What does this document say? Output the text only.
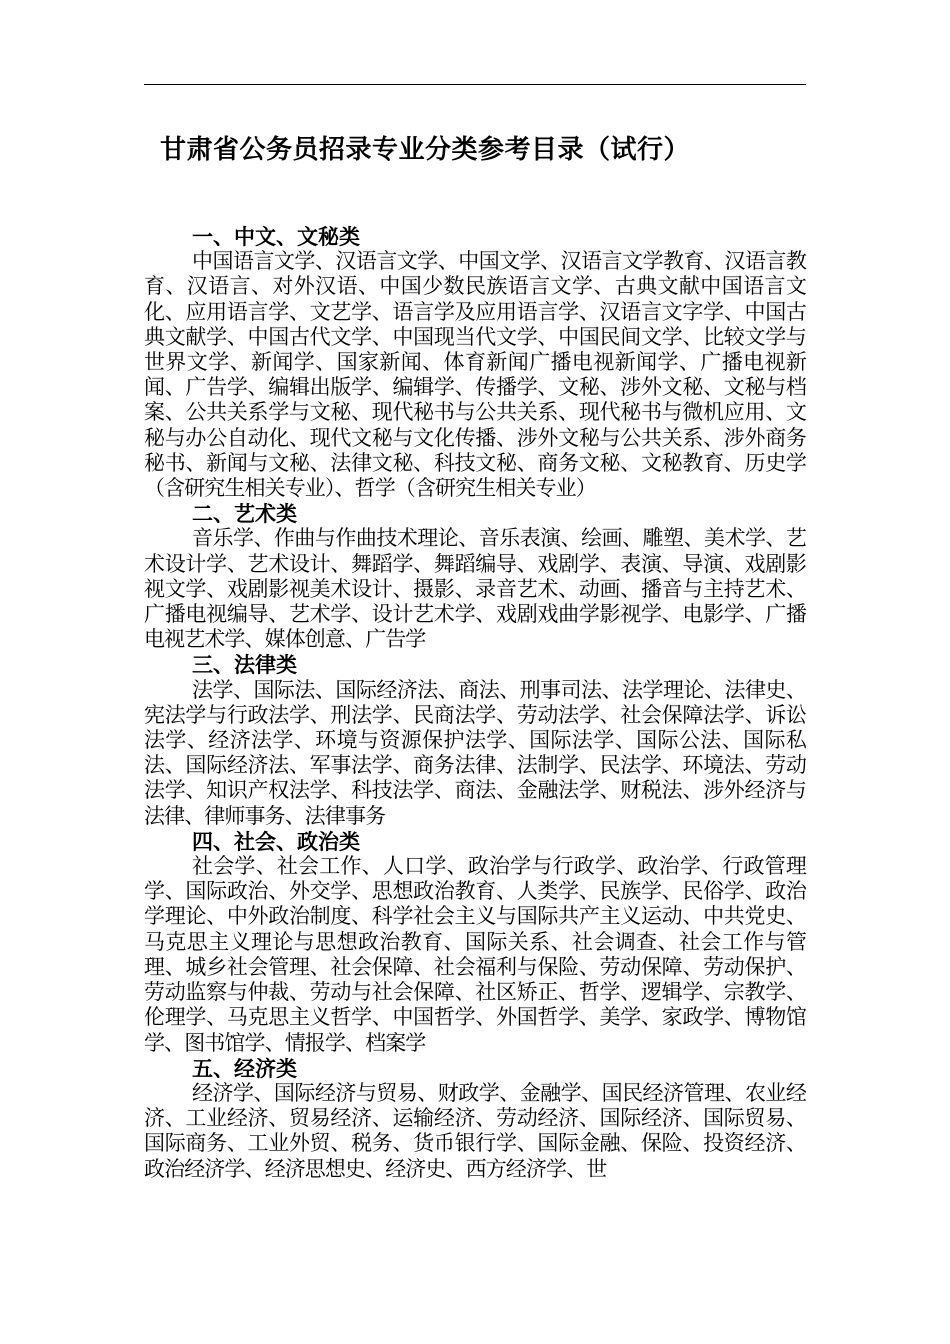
甘肃省公务员招录专业分类参考目录（试行）
一、中文、文秘类
中国语言文学、汉语言文学、中国文学、汉语言文学教育、汉语言教育、汉语言、对外汉语、中国少数民族语言文学、古典文献中国语言文化、应用语言学、文艺学、语言学及应用语言学、汉语言文字学、中国古典文献学、中国古代文学、中国现当代文学、中国民间文学、比较文学与世界文学、新闻学、国家新闻、体育新闻广播电视新闻学、广播电视新闻、广告学、编辑出版学、编辑学、传播学、文秘、涉外文秘、文秘与档案、公共关系学与文秘、现代秘书与公共关系、现代秘书与微机应用、文秘与办公自动化、现代文秘与文化传播、涉外文秘与公共关系、涉外商务秘书、新闻与文秘、法律文秘、科技文秘、商务文秘、文秘教育、历史学（含研究生相关专业）、哲学（含研究生相关专业）
二、艺术类
音乐学、作曲与作曲技术理论、音乐表演、绘画、雕塑、美术学、艺术设计学、艺术设计、舞蹈学、舞蹈编导、戏剧学、表演、导演、戏剧影视文学、戏剧影视美术设计、摄影、录音艺术、动画、播音与主持艺术、广播电视编导、艺术学、设计艺术学、戏剧戏曲学影视学、电影学、广播电视艺术学、媒体创意、广告学
三、法律类
法学、国际法、国际经济法、商法、刑事司法、法学理论、法律史、宪法学与行政法学、刑法学、民商法学、劳动法学、社会保障法学、诉讼法学、经济法学、环境与资源保护法学、国际法学、国际公法、国际私法、国际经济法、军事法学、商务法律、法制学、民法学、环境法、劳动法学、知识产权法学、科技法学、商法、金融法学、财税法、涉外经济与法律、律师事务、法律事务
四、社会、政治类
社会学、社会工作、人口学、政治学与行政学、政治学、行政管理学、国际政治、外交学、思想政治教育、人类学、民族学、民俗学、政治学理论、中外政治制度、科学社会主义与国际共产主义运动、中共党史、马克思主义理论与思想政治教育、国际关系、社会调查、社会工作与管理、城乡社会管理、社会保障、社会福利与保险、劳动保障、劳动保护、劳动监察与仲裁、劳动与社会保障、社区矫正、哲学、逻辑学、宗教学、伦理学、马克思主义哲学、中国哲学、外国哲学、美学、家政学、博物馆学、图书馆学、情报学、档案学
五、经济类
经济学、国际经济与贸易、财政学、金融学、国民经济管理、农业经济、工业经济、贸易经济、运输经济、劳动经济、国际经济、国际贸易、国际商务、工业外贸、税务、货币银行学、国际金融、保险、投资经济、政治经济学、经济思想史、经济史、西方经济学、世
